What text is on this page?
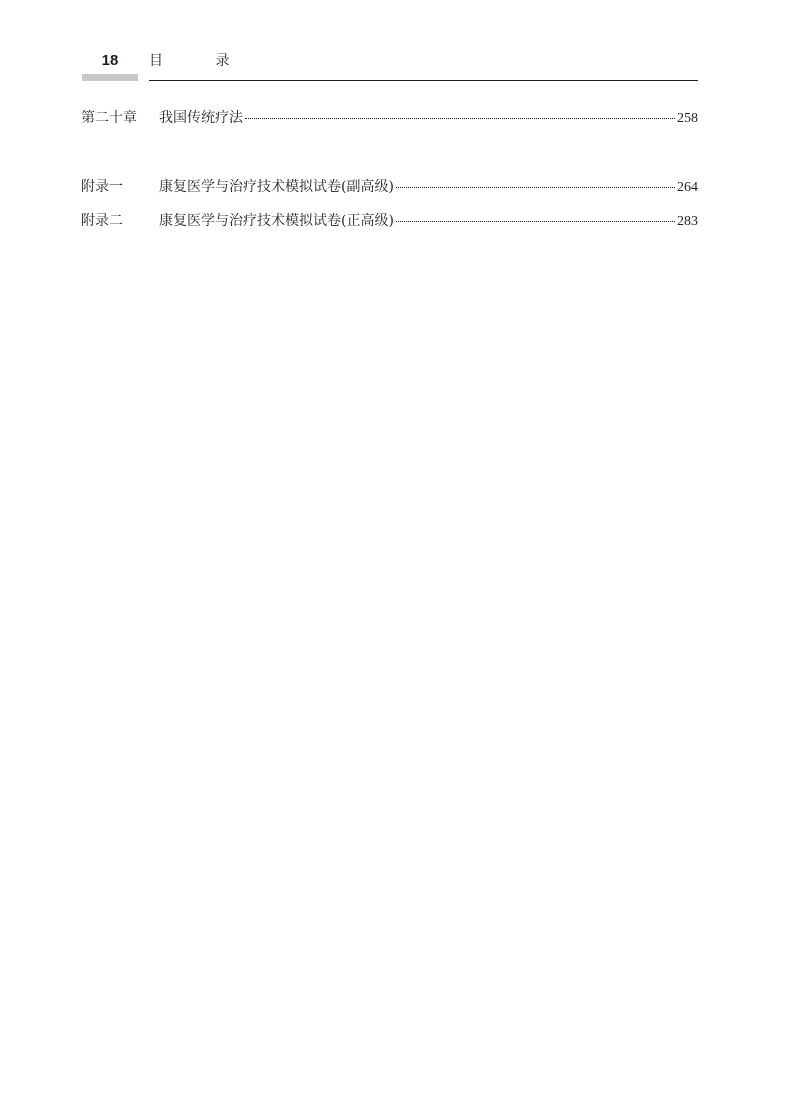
18	目 录
第二十章	我国传统疗法	258
附录一	康复医学与治疗技术模拟试卷(副高级)	264
附录二	康复医学与治疗技术模拟试卷(正高级)	283
